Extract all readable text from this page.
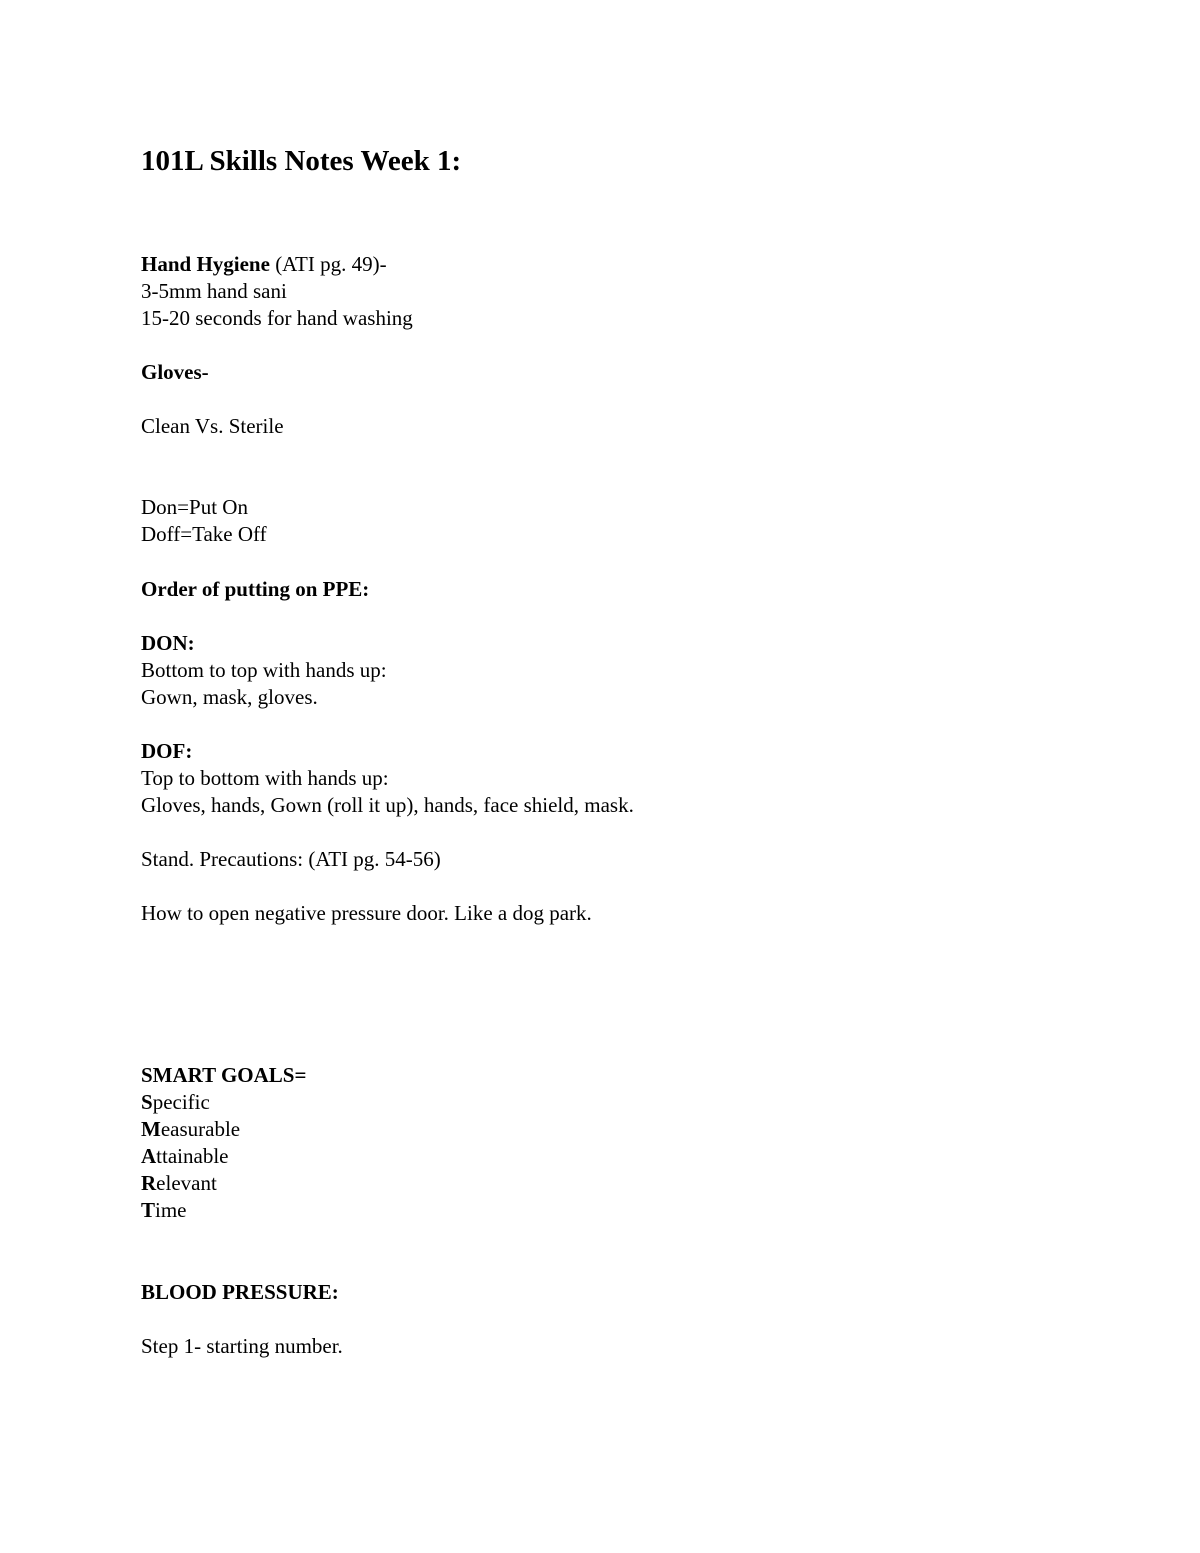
101L Skills Notes Week 1:
Hand Hygiene (ATI pg. 49)-
3-5mm hand sani
15-20 seconds for hand washing
Gloves-
Clean Vs. Sterile
Don=Put On
Doff=Take Off
Order of putting on PPE:
DON:
Bottom to top with hands up:
Gown, mask, gloves.
DOF:
Top to bottom with hands up:
Gloves, hands, Gown (roll it up), hands, face shield, mask.
Stand. Precautions: (ATI pg. 54-56)
How to open negative pressure door. Like a dog park.
SMART GOALS=
Specific
Measurable
Attainable
Relevant
Time
BLOOD PRESSURE:
Step 1- starting number.
